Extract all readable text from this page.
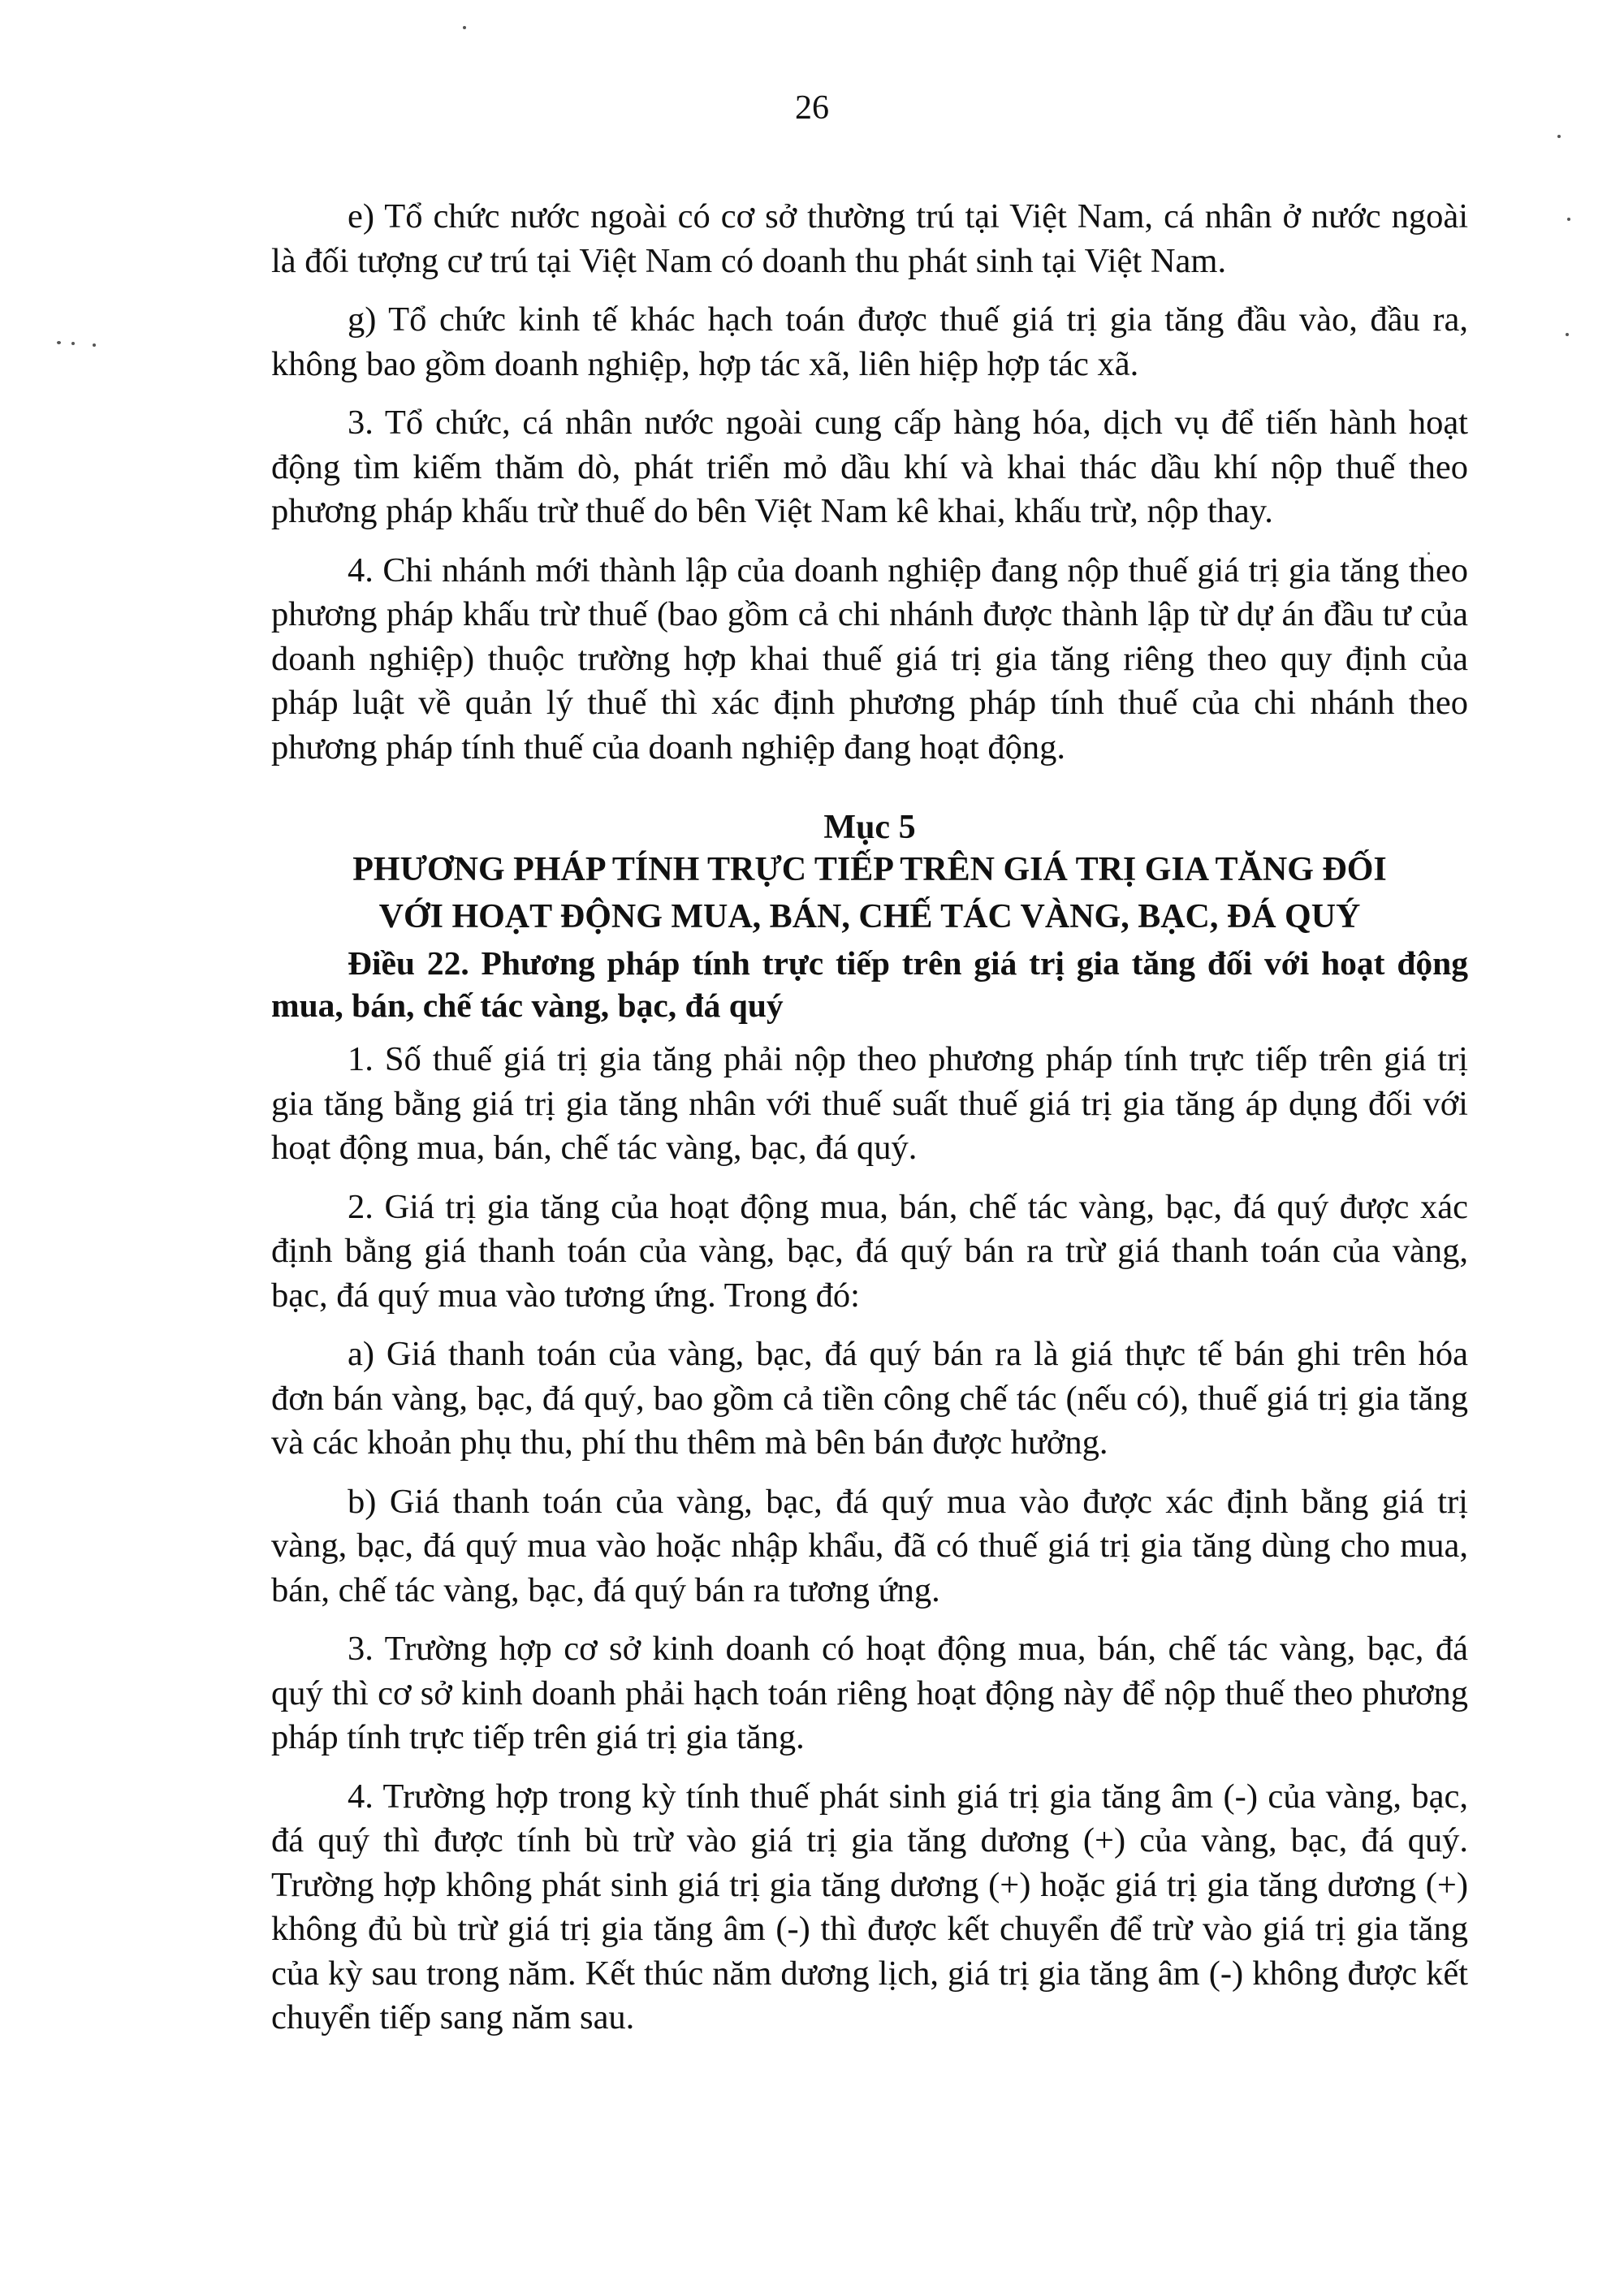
26

e) Tổ chức nước ngoài có cơ sở thường trú tại Việt Nam, cá nhân ở nước ngoài là đối tượng cư trú tại Việt Nam có doanh thu phát sinh tại Việt Nam.

g) Tổ chức kinh tế khác hạch toán được thuế giá trị gia tăng đầu vào, đầu ra, không bao gồm doanh nghiệp, hợp tác xã, liên hiệp hợp tác xã.

3. Tổ chức, cá nhân nước ngoài cung cấp hàng hóa, dịch vụ để tiến hành hoạt động tìm kiếm thăm dò, phát triển mỏ dầu khí và khai thác dầu khí nộp thuế theo phương pháp khấu trừ thuế do bên Việt Nam kê khai, khấu trừ, nộp thay.

4. Chi nhánh mới thành lập của doanh nghiệp đang nộp thuế giá trị gia tăng theo phương pháp khấu trừ thuế (bao gồm cả chi nhánh được thành lập từ dự án đầu tư của doanh nghiệp) thuộc trường hợp khai thuế giá trị gia tăng riêng theo quy định của pháp luật về quản lý thuế thì xác định phương pháp tính thuế của chi nhánh theo phương pháp tính thuế của doanh nghiệp đang hoạt động.

Mục 5

PHƯƠNG PHÁP TÍNH TRỰC TIẾP TRÊN GIÁ TRỊ GIA TĂNG ĐỐI

VỚI HOẠT ĐỘNG MUA, BÁN, CHẾ TÁC VÀNG, BẠC, ĐÁ QUÝ

Điều 22. Phương pháp tính trực tiếp trên giá trị gia tăng đối với hoạt động mua, bán, chế tác vàng, bạc, đá quý

1. Số thuế giá trị gia tăng phải nộp theo phương pháp tính trực tiếp trên giá trị gia tăng bằng giá trị gia tăng nhân với thuế suất thuế giá trị gia tăng áp dụng đối với hoạt động mua, bán, chế tác vàng, bạc, đá quý.

2. Giá trị gia tăng của hoạt động mua, bán, chế tác vàng, bạc, đá quý được xác định bằng giá thanh toán của vàng, bạc, đá quý bán ra trừ giá thanh toán của vàng, bạc, đá quý mua vào tương ứng. Trong đó:

a) Giá thanh toán của vàng, bạc, đá quý bán ra là giá thực tế bán ghi trên hóa đơn bán vàng, bạc, đá quý, bao gồm cả tiền công chế tác (nếu có), thuế giá trị gia tăng và các khoản phụ thu, phí thu thêm mà bên bán được hưởng.

b) Giá thanh toán của vàng, bạc, đá quý mua vào được xác định bằng giá trị vàng, bạc, đá quý mua vào hoặc nhập khẩu, đã có thuế giá trị gia tăng dùng cho mua, bán, chế tác vàng, bạc, đá quý bán ra tương ứng.

3. Trường hợp cơ sở kinh doanh có hoạt động mua, bán, chế tác vàng, bạc, đá quý thì cơ sở kinh doanh phải hạch toán riêng hoạt động này để nộp thuế theo phương pháp tính trực tiếp trên giá trị gia tăng.

4. Trường hợp trong kỳ tính thuế phát sinh giá trị gia tăng âm (-) của vàng, bạc, đá quý thì được tính bù trừ vào giá trị gia tăng dương (+) của vàng, bạc, đá quý. Trường hợp không phát sinh giá trị gia tăng dương (+) hoặc giá trị gia tăng dương (+) không đủ bù trừ giá trị gia tăng âm (-) thì được kết chuyển để trừ vào giá trị gia tăng của kỳ sau trong năm. Kết thúc năm dương lịch, giá trị gia tăng âm (-) không được kết chuyển tiếp sang năm sau.
